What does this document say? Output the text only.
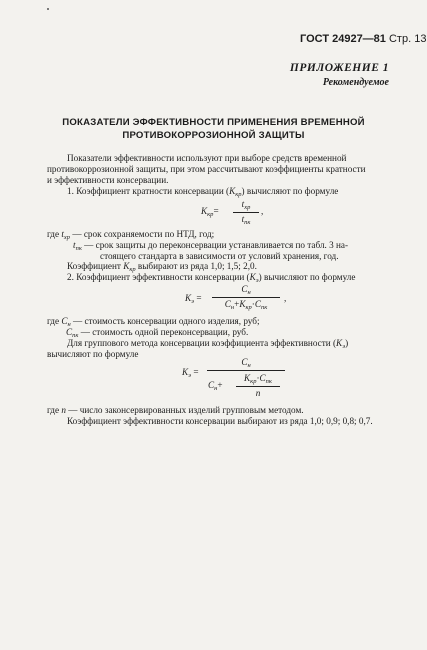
ГОСТ 24927—81 Стр. 13
ПРИЛОЖЕНИЕ 1
Рекомендуемое
ПОКАЗАТЕЛИ ЭФФЕКТИВНОСТИ ПРИМЕНЕНИЯ ВРЕМЕННОЙ
ПРОТИВОКОРРОЗИОННОЙ ЗАЩИТЫ
Показатели эффективности используют при выборе средств временной
противокоррозионной защиты, при этом рассчитывают коэффициенты кратности
и эффективности консервации.
1. Коэффициент кратности консервации $(K_{кр})$ вычисляют по формуле
$K_{кр}=$
$t_{хр}$
$t_{пк}$
,
где $t_{хр}$ — срок сохраняемости по НТД, год;
$t_{пк}$ — срок защиты до переконсервации устанавливается по табл. 3 на-
стоящего стандарта в зависимости от условий хранения, год.
Коэффициент $K_{кр}$ выбирают из ряда 1,0; 1,5; 2,0.
2. Коэффициент эффективности консервации $(K_э)$ вычисляют по формуле
$K_э$ =
$С_н$
$С_н+K_{кр}\cdot С_{пк}$
,
где $С_н$ — стоимость консервации одного изделия, руб;
$С_{пк}$ — стоимость одной переконсервации, руб.
Для группового метода консервации коэффициента эффективности $(K_э)$
вычисляют по формуле
$K_э$ =
$С_н$
$С_н+$
$K_{кр}\cdot С_{пк}$
n
где n — число законсервированных изделий групповым методом.
Коэффициент эффективности консервации выбирают из ряда 1,0; 0,9; 0,8; 0,7.
